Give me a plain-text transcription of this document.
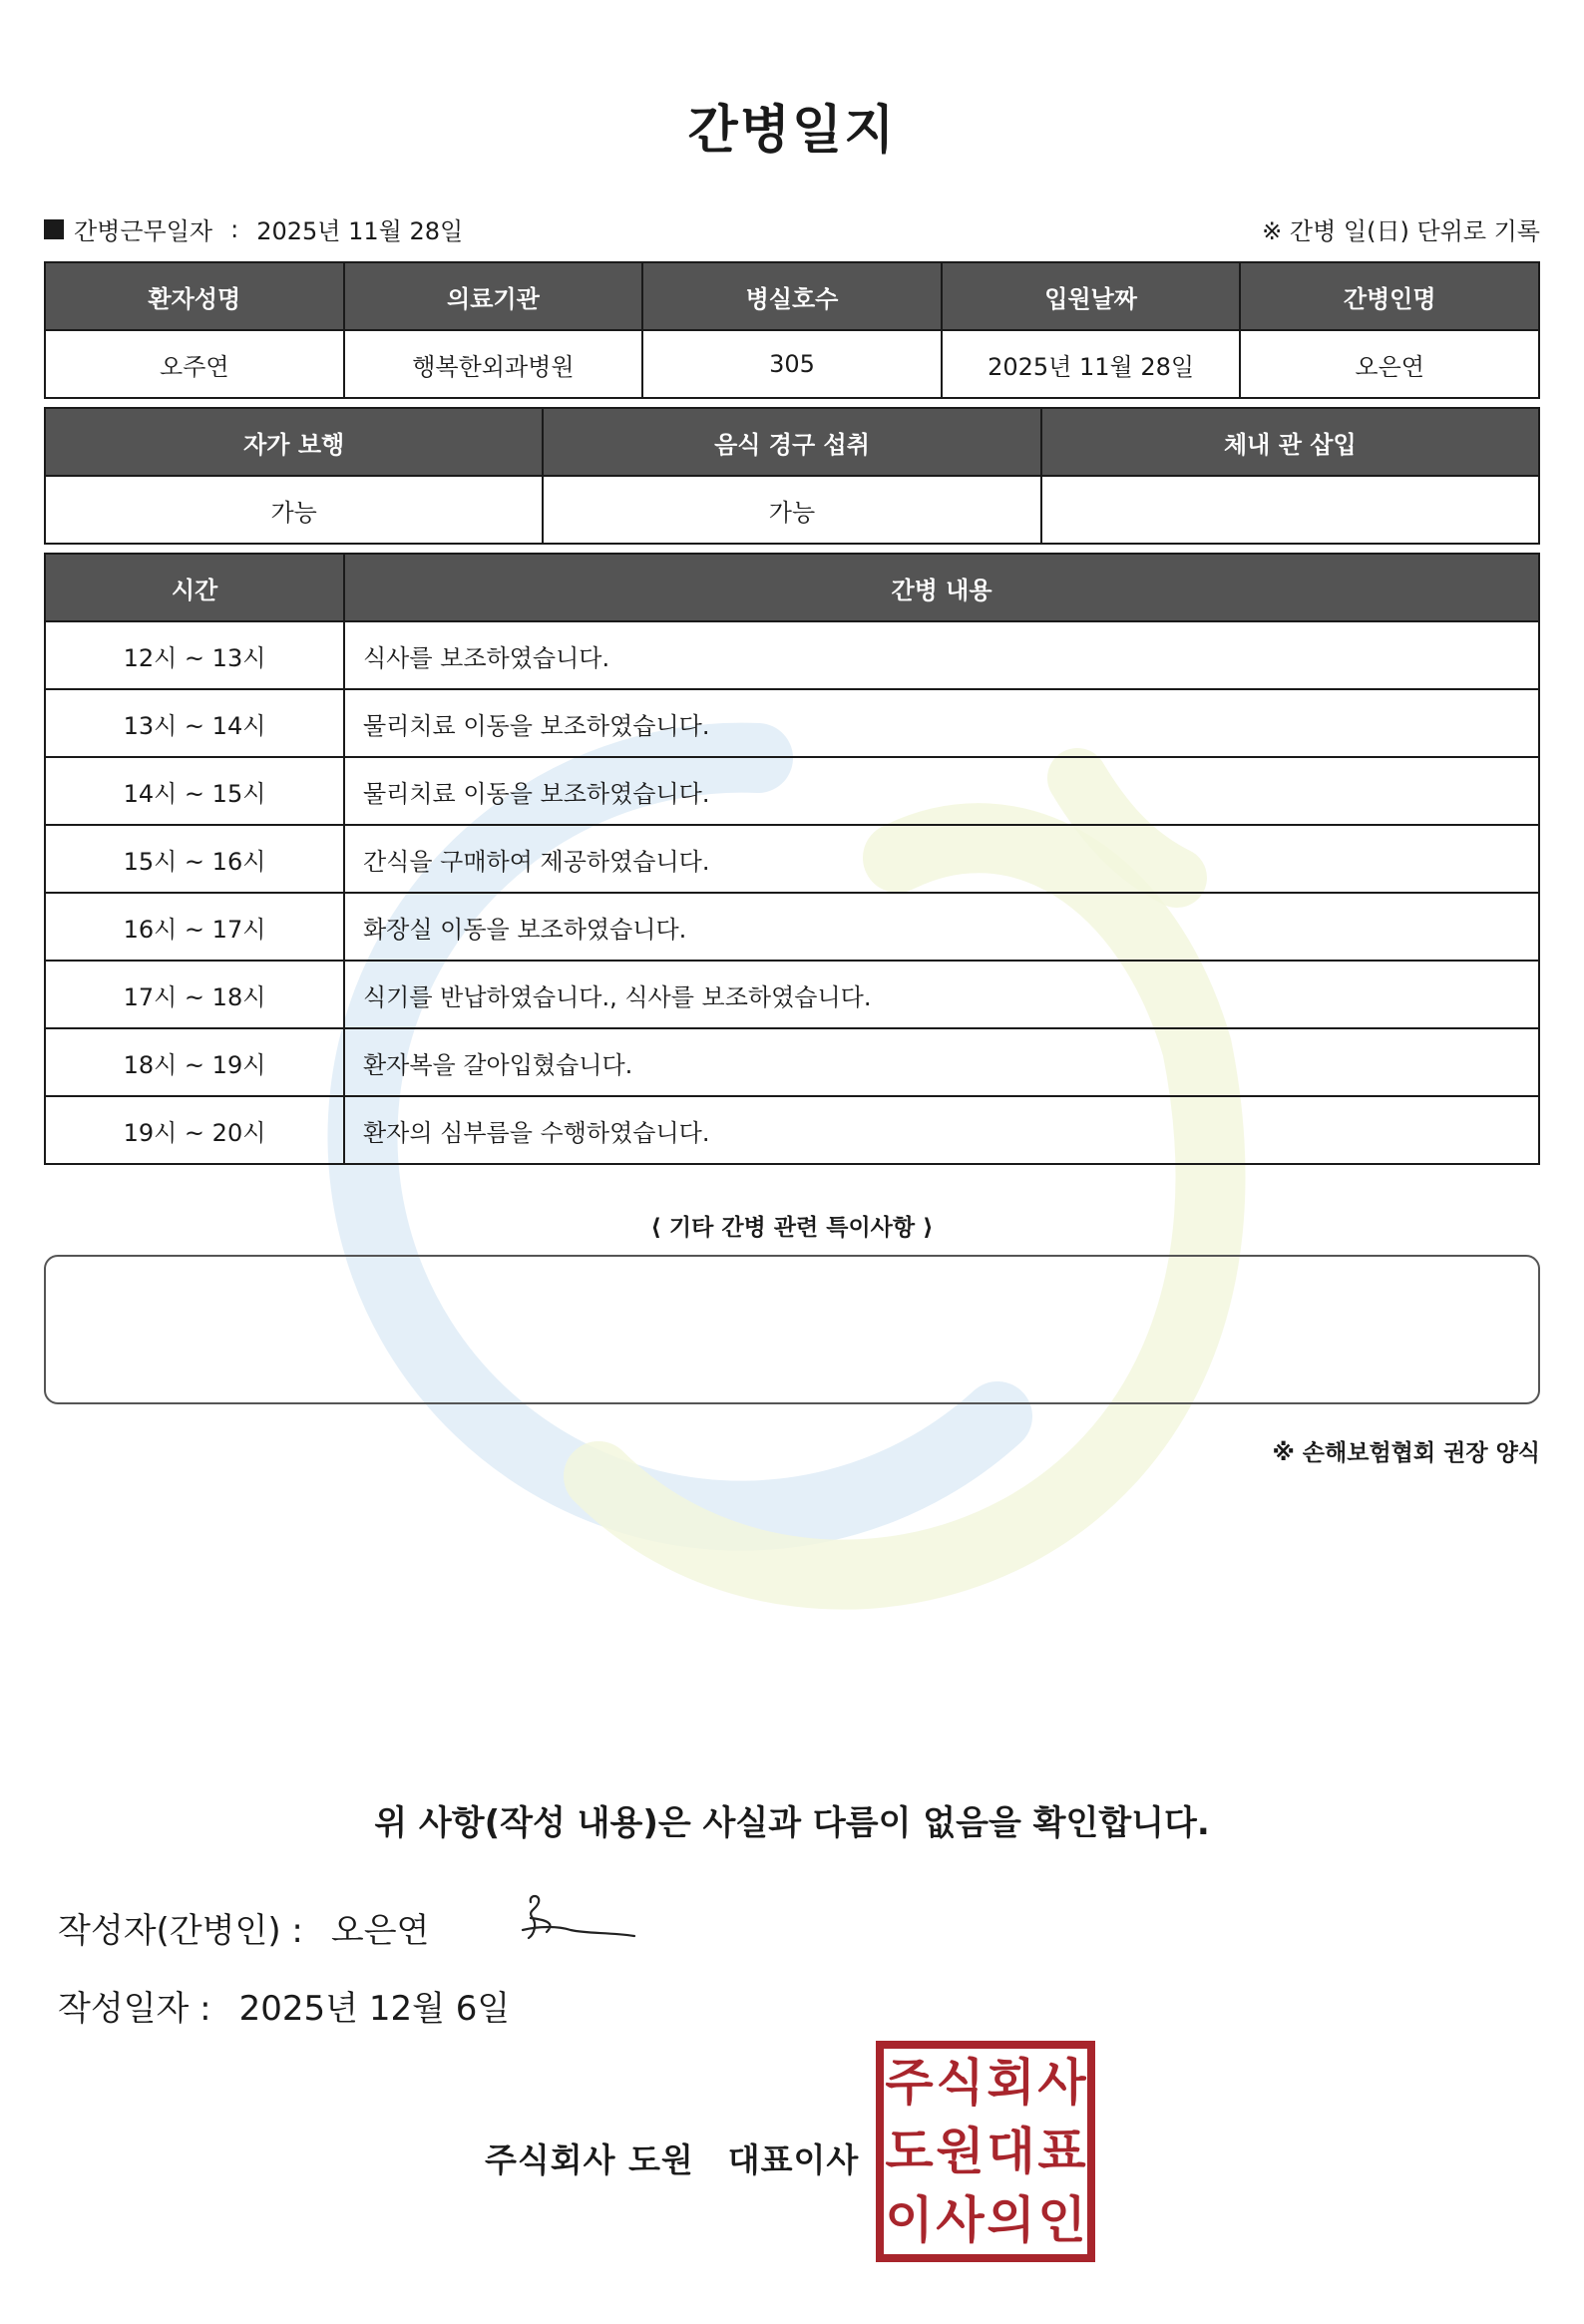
간병일지
간병근무일자 : 2025년 11월 28일	※ 간병 일(日) 단위로 기록
환자성명	의료기관	병실호수	입원날짜	간병인명
오주연	행복한외과병원	305	2025년 11월 28일	오은연
자가 보행	음식 경구 섭취	체내 관 삽입
가능	가능	
시간	간병 내용
12시 ~ 13시	식사를 보조하였습니다.
13시 ~ 14시	물리치료 이동을 보조하였습니다.
14시 ~ 15시	물리치료 이동을 보조하였습니다.
15시 ~ 16시	간식을 구매하여 제공하였습니다.
16시 ~ 17시	화장실 이동을 보조하였습니다.
17시 ~ 18시	식기를 반납하였습니다., 식사를 보조하였습니다.
18시 ~ 19시	환자복을 갈아입혔습니다.
19시 ~ 20시	환자의 심부름을 수행하였습니다.
⟨ 기타 간병 관련 특이사항 ⟩
※ 손해보험협회 권장 양식
위 사항(작성 내용)은 사실과 다름이 없음을 확인합니다.
작성자(간병인) : 오은연
작성일자 : 2025년 12월 6일
주식회사 도원 대표이사
주 식 회 사
도 원 대 표
이 사 의 인
